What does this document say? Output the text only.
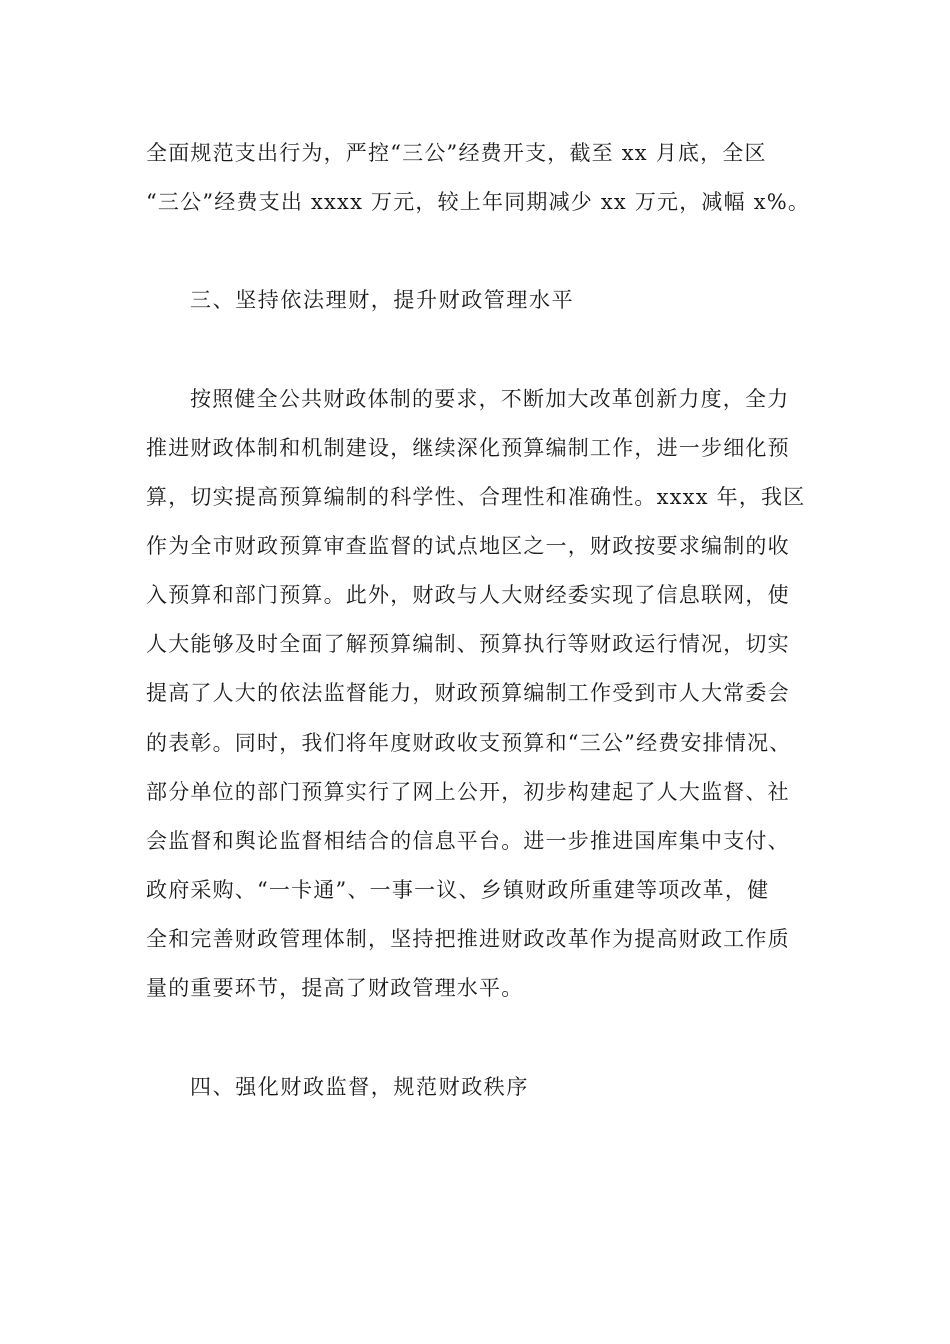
全面规范支出行为，严控“三公”经费开支，截至 xx 月底，全区
“三公”经费支出 xxxx 万元，较上年同期减少 xx 万元，减幅 x%。
三、坚持依法理财，提升财政管理水平
按照健全公共财政体制的要求，不断加大改革创新力度，全力
推进财政体制和机制建设，继续深化预算编制工作，进一步细化预
算，切实提高预算编制的科学性、合理性和准确性。xxxx 年，我区
作为全市财政预算审查监督的试点地区之一，财政按要求编制的收
入预算和部门预算。此外，财政与人大财经委实现了信息联网，使
人大能够及时全面了解预算编制、预算执行等财政运行情况，切实
提高了人大的依法监督能力，财政预算编制工作受到市人大常委会
的表彰。同时，我们将年度财政收支预算和“三公”经费安排情况、
部分单位的部门预算实行了网上公开，初步构建起了人大监督、社
会监督和舆论监督相结合的信息平台。进一步推进国库集中支付、
政府采购、“一卡通”、一事一议、乡镇财政所重建等项改革，健
全和完善财政管理体制，坚持把推进财政改革作为提高财政工作质
量的重要环节，提高了财政管理水平。
四、强化财政监督，规范财政秩序
